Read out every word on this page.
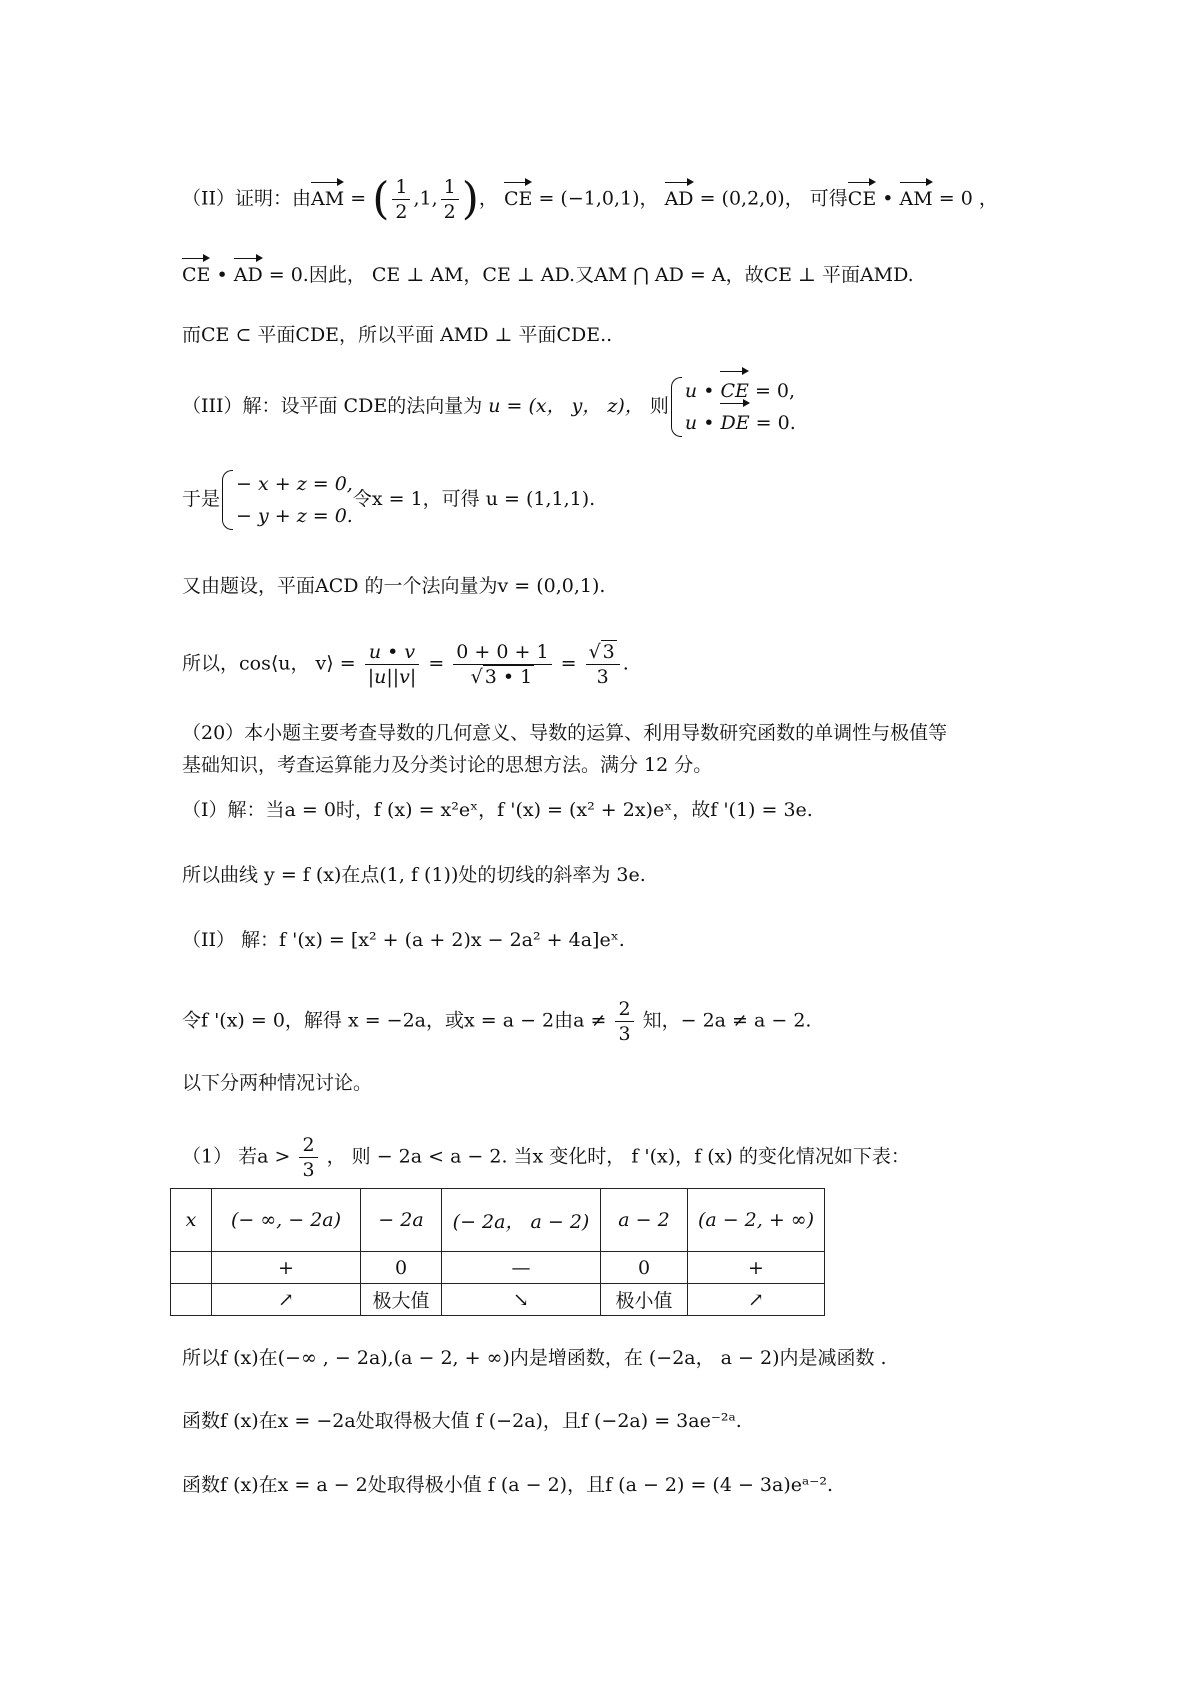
（II）证明：由AM = ( $\frac{1}{2} ,1$, $\frac{1}{2}$ )， CE = (−1,0,1)， AD = (0,2,0)， 可得CE • AM = 0 ，
CE • AD = 0.因此， CE ⊥ AM，CE ⊥ AD.又AM ⋂ AD = A，故CE ⊥ 平面AMD.
而CE ⊂ 平面CDE，所以平面 AMD ⊥ 平面CDE..
（III）解：设平面 CDE的法向量为 u = (x， y， z)， 则
u • CE = 0,
u • DE = 0.
于是
− x + z = 0,
− y + z = 0.
令x = 1，可得 u = (1,1,1).
又由题设，平面ACD 的一个法向量为v = (0,0,1).
所以，cos⟨u， v⟩ = $\frac{u • v}{|u||v|} = \frac{0 + 0 + 1}{√ 3 • 1} = \frac{√ 3}{3}$ .
（20）本小题主要考查导数的几何意义、导数的运算、利用导数研究函数的单调性与极值等
基础知识，考查运算能力及分类讨论的思想方法。满分 12 分。
（I）解：当a = 0时，f (x) = x²eˣ，f '(x) = (x² + 2x)eˣ，故f '(1) = 3e.
所以曲线 y = f (x)在点(1, f (1))处的切线的斜率为 3e.
（II） 解：f '(x) = [x² + (a + 2)x − 2a² + 4a]eˣ.
令f '(x) = 0，解得 x = −2a，或x = a − 2由$a \ne \frac{2}{3}$ 知，− 2a ≠ a − 2.
以下分两种情况讨论。
（1） 若$a > \frac{2}{3}$ ， 则 − 2a < a − 2. 当x 变化时， f '(x)，f (x) 的变化情况如下表：
x	(− ∞, − 2a)	− 2a	(− 2a， a − 2)	a − 2	(a − 2, + ∞)
	+	0	—	0	+
	↗	极大值	↘	极小值	↗
所以f (x)在(−∞ , − 2a),(a − 2, + ∞)内是增函数，在 (−2a， a − 2)内是减函数 .
函数f (x)在x = −2a处取得极大值 f (−2a)，且f (−2a) = 3ae⁻²ᵃ.
函数f (x)在x = a − 2处取得极小值 f (a − 2)，且f (a − 2) = (4 − 3a)eᵃ⁻².
